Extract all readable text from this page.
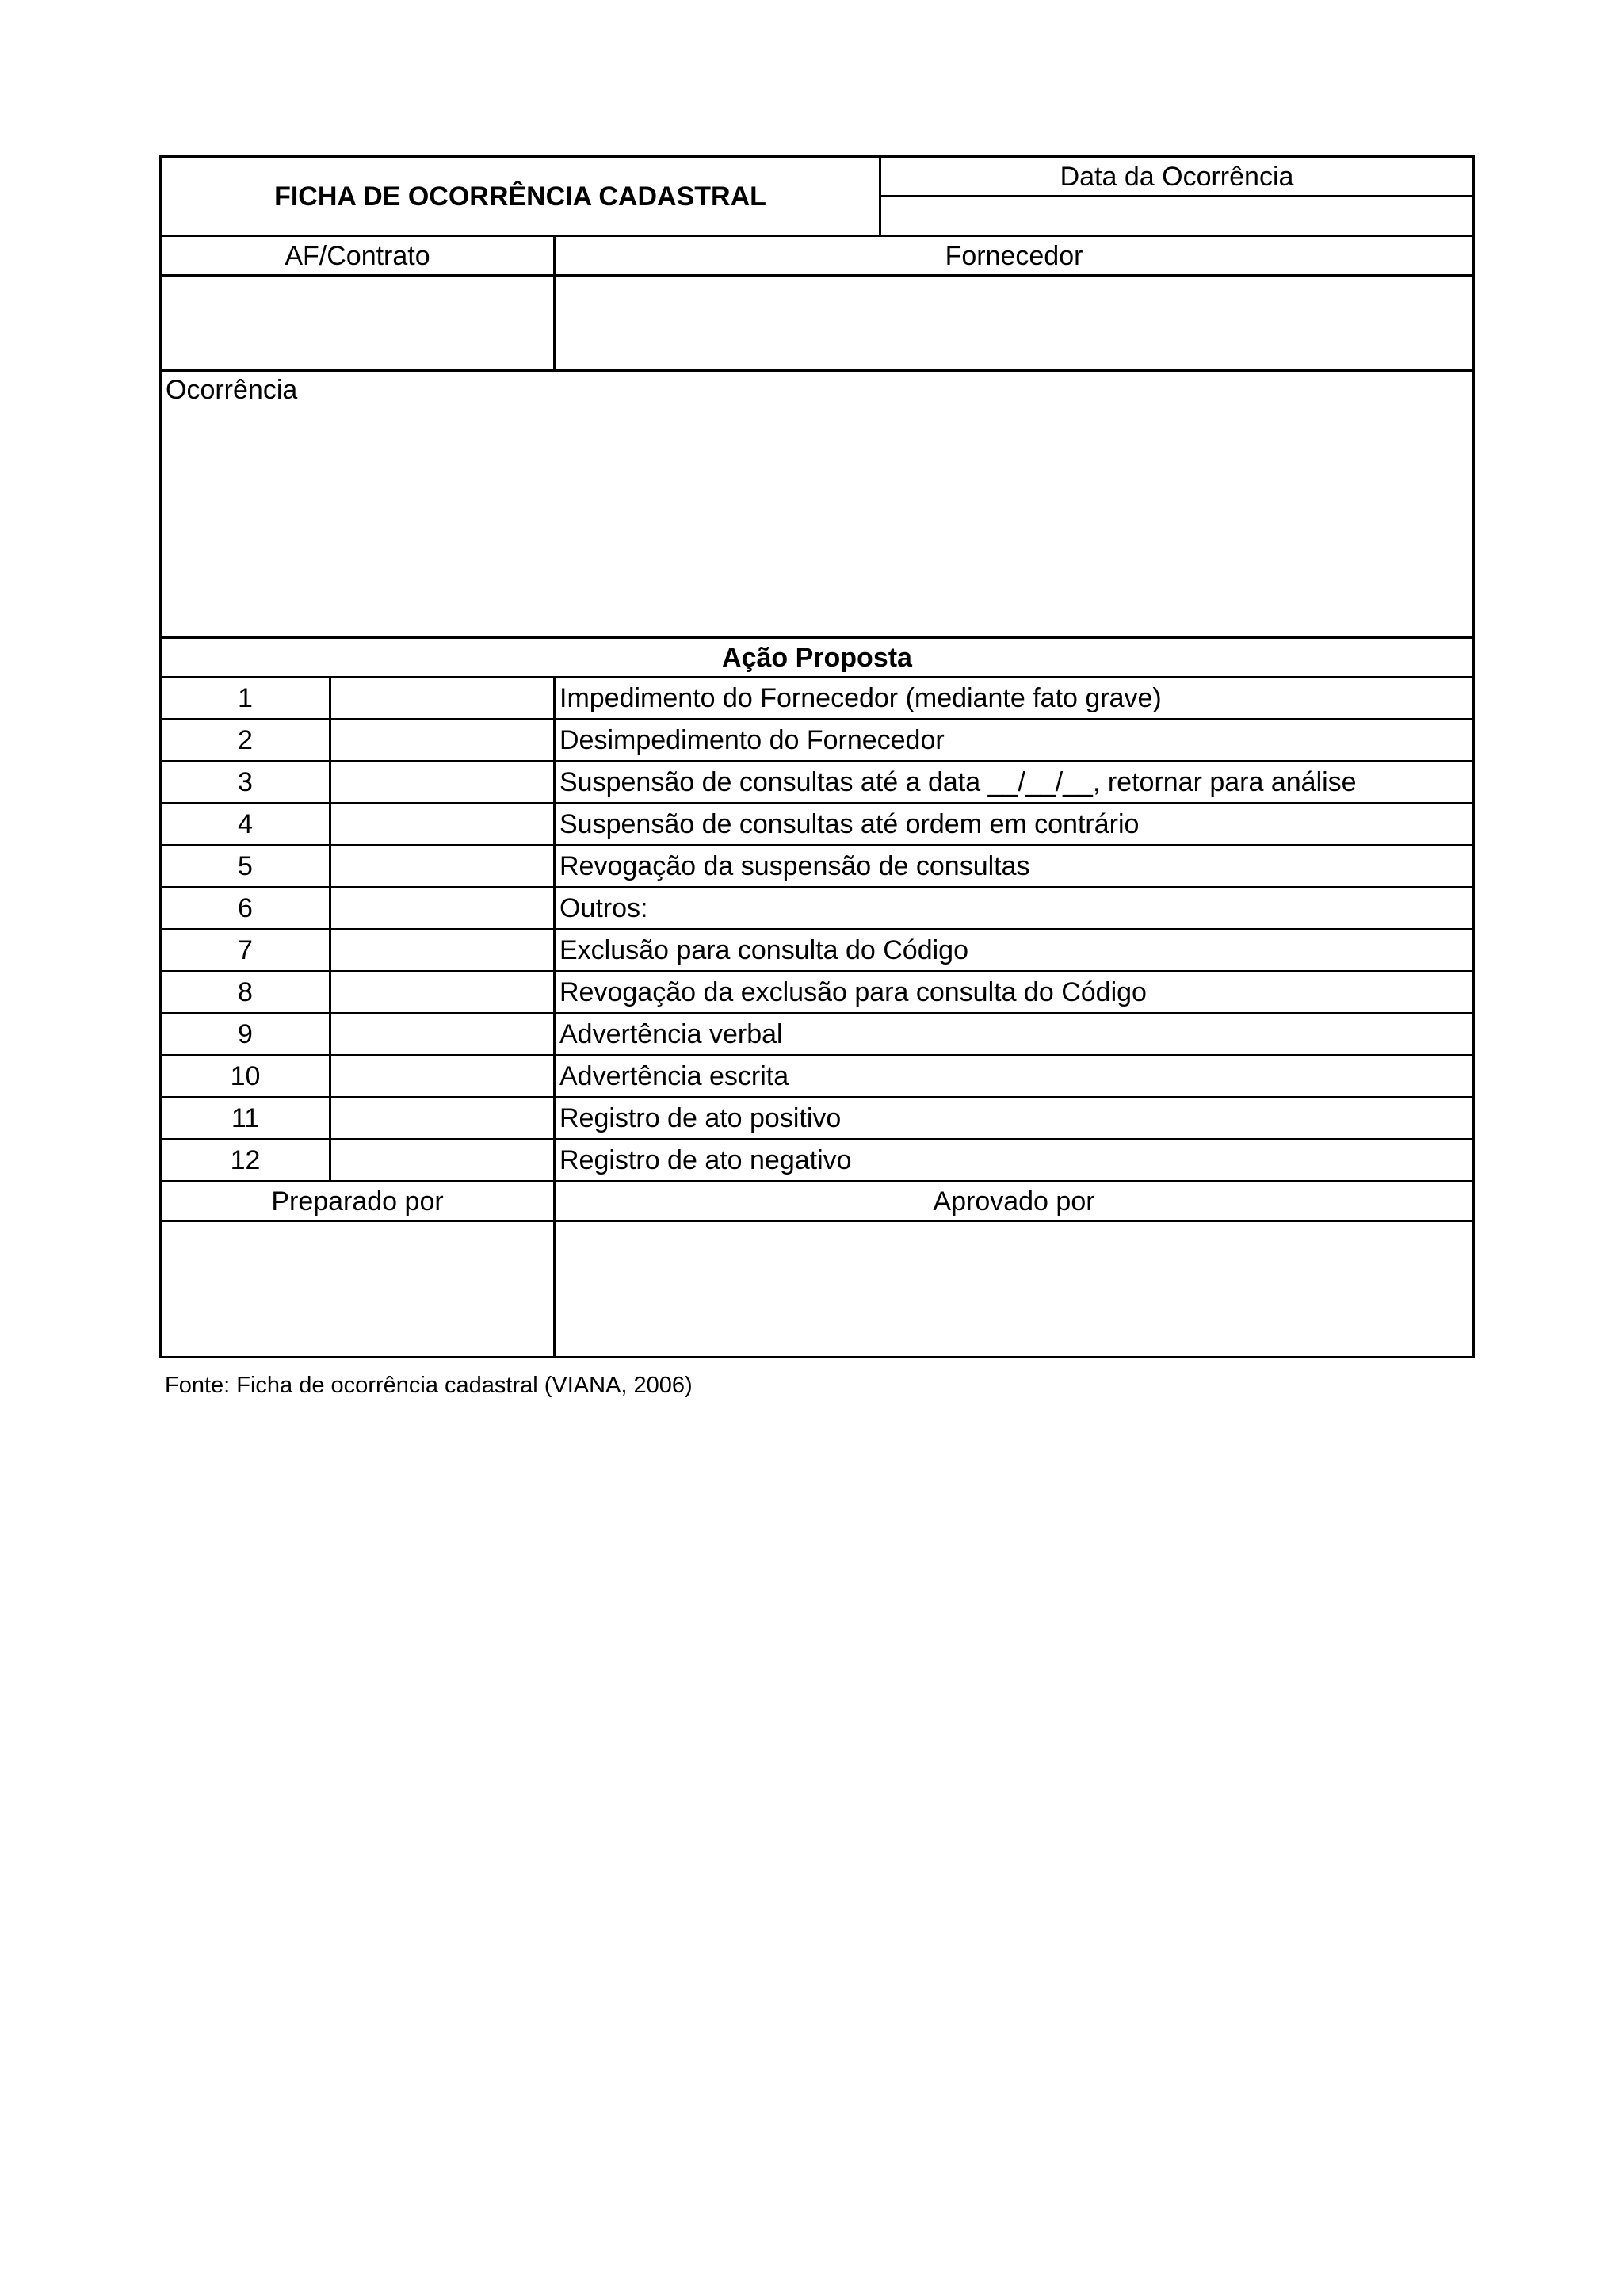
FICHA DE OCORRÊNCIA CADASTRAL			Data da Ocorrência

AF/Contrato		Fornecedor	

Ocorrência			
Ação Proposta			
1		Impedimento do Fornecedor (mediante fato grave)	
2		Desimpedimento do Fornecedor	
3		Suspensão de consultas até a data __/__/__, retornar para análise	
4		Suspensão de consultas até ordem em contrário	
5		Revogação da suspensão de consultas	
6		Outros:	
7		Exclusão para consulta do Código	
8		Revogação da exclusão para consulta do Código	
9		Advertência verbal	
10		Advertência escrita	
11		Registro de ato positivo	
12		Registro de ato negativo	
Preparado por		Aprovado por	

Fonte: Ficha de ocorrência cadastral (VIANA, 2006)
